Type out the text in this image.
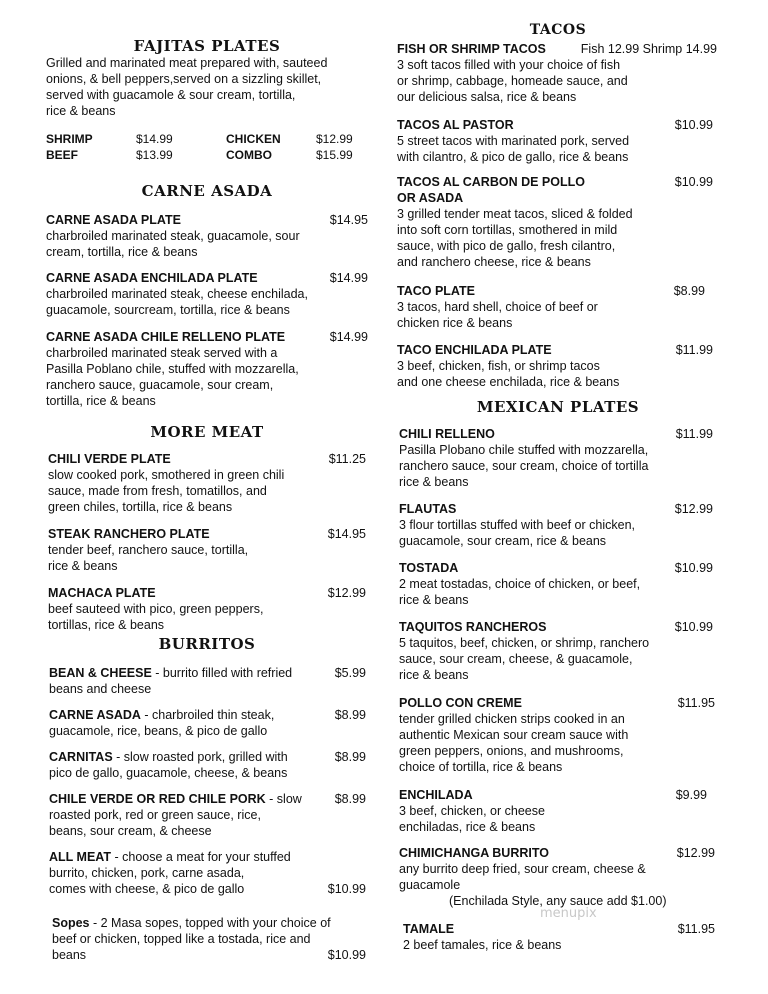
FAJITAS PLATES
Grilled and marinated meat prepared with, sauteed
onions, & bell peppers,served on a sizzling skillet,
served with guacamole & sour cream, tortilla,
rice & beans
SHRIMP	$14.99	CHICKEN	$12.99
BEEF	$13.99	COMBO	$15.99
CARNE ASADA
CARNE ASADA PLATE	$14.95
charbroiled marinated steak, guacamole, sour
cream, tortilla, rice & beans
CARNE ASADA ENCHILADA PLATE	$14.99
charbroiled marinated steak, cheese enchilada,
guacamole, sourcream, tortilla, rice & beans
CARNE ASADA CHILE RELLENO PLATE	$14.99
charbroiled marinated steak served with a
Pasilla Poblano chile, stuffed with mozzarella,
ranchero sauce, guacamole, sour cream,
tortilla, rice & beans
MORE MEAT
CHILI VERDE PLATE	$11.25
slow cooked pork, smothered in green chili
sauce, made from fresh, tomatillos, and
green chiles, tortilla, rice & beans
STEAK RANCHERO PLATE	$14.95
tender beef, ranchero sauce, tortilla,
rice & beans
MACHACA PLATE	$12.99
beef sauteed with pico, green peppers,
tortillas, rice & beans
BURRITOS
BEAN & CHEESE - burrito filled with refried	$5.99
beans and cheese
CARNE ASADA - charbroiled thin steak,	$8.99
guacamole, rice, beans, & pico de gallo
CARNITAS - slow roasted pork, grilled with	$8.99
pico de gallo, guacamole, cheese, & beans
CHILE VERDE OR RED CHILE PORK - slow	$8.99
roasted pork, red or green sauce, rice,
beans, sour cream, & cheese
ALL MEAT - choose a meat for your stuffed
burrito, chicken, pork, carne asada,
comes with cheese, & pico de gallo	$10.99
Sopes - 2 Masa sopes, topped with your choice of
beef or chicken, topped like a tostada, rice and
beans	$10.99
TACOS
FISH OR SHRIMP TACOS	Fish 12.99 Shrimp 14.99
3 soft tacos filled with your choice of fish
or shrimp, cabbage, homeade sauce, and
our delicious salsa, rice & beans
TACOS AL PASTOR	$10.99
5 street tacos with marinated pork, served
with cilantro, & pico de gallo, rice & beans
TACOS AL CARBON DE POLLO	$10.99
OR ASADA
3 grilled tender meat tacos, sliced & folded
into soft corn tortillas, smothered in mild
sauce, with pico de gallo, fresh cilantro,
and ranchero cheese, rice & beans
TACO PLATE	$8.99
3 tacos, hard shell, choice of beef or
chicken rice & beans
TACO ENCHILADA PLATE	$11.99
3 beef, chicken, fish, or shrimp tacos
and one cheese enchilada, rice & beans
MEXICAN PLATES
CHILI RELLENO	$11.99
Pasilla Plobano chile stuffed with mozzarella,
ranchero sauce, sour cream, choice of tortilla
rice & beans
FLAUTAS	$12.99
3 flour tortillas stuffed with beef or chicken,
guacamole, sour cream, rice & beans
TOSTADA	$10.99
2 meat tostadas, choice of chicken, or beef,
rice & beans
TAQUITOS RANCHEROS	$10.99
5 taquitos, beef, chicken, or shrimp, ranchero
sauce, sour cream, cheese, & guacamole,
rice & beans
POLLO CON CREME	$11.95
tender grilled chicken strips cooked in an
authentic Mexican sour cream sauce with
green peppers, onions, and mushrooms,
choice of tortilla, rice & beans
ENCHILADA	$9.99
3 beef, chicken, or cheese
enchiladas, rice & beans
CHIMICHANGA BURRITO	$12.99
any burrito deep fried, sour cream, cheese &
guacamole
(Enchilada Style, any sauce add $1.00)
TAMALE	$11.95
2 beef tamales, rice & beans
menupix
